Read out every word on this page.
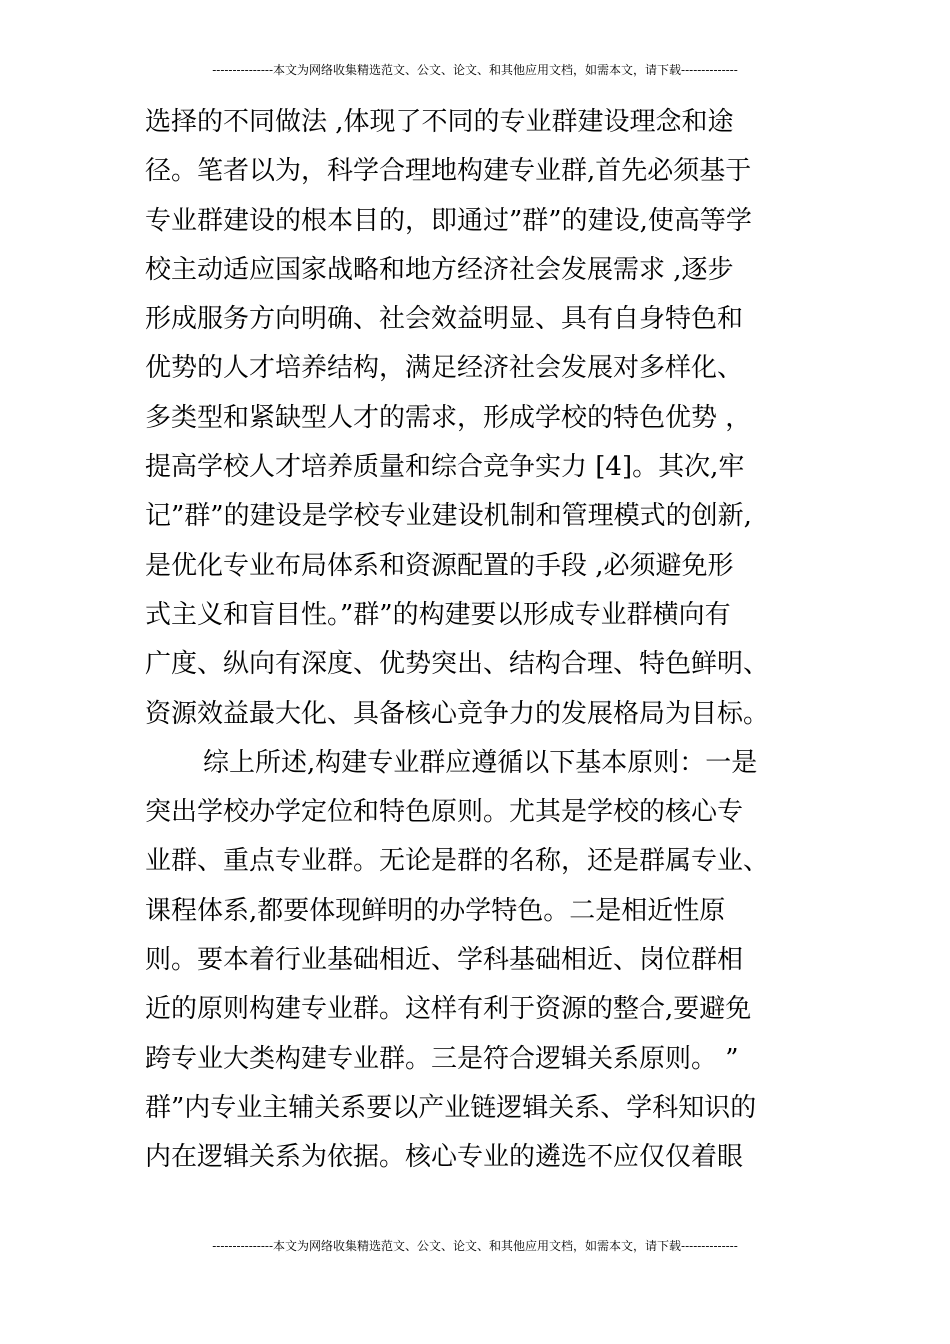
---------------本文为网络收集精选范文、公文、论文、和其他应用文档，如需本文，请下载--------------
选择的不同做法 ,体现了不同的专业群建设理念和途
径。笔者以为，科学合理地构建专业群,首先必须基于
专业群建设的根本目的，即通过”群”的建设,使高等学
校主动适应国家战略和地方经济社会发展需求 ,逐步
形成服务方向明确、社会效益明显、具有自身特色和
优势的人才培养结构，满足经济社会发展对多样化、
多类型和紧缺型人才的需求，形成学校的特色优势 ，
提高学校人才培养质量和综合竞争实力 [4]。其次,牢
记”群”的建设是学校专业建设机制和管理模式的创新,
是优化专业布局体系和资源配置的手段 ,必须避免形
式主义和盲目性。”群”的构建要以形成专业群横向有
广度、纵向有深度、优势突出、结构合理、特色鲜明、
资源效益最大化、具备核心竞争力的发展格局为目标。
综上所述,构建专业群应遵循以下基本原则：一是
突出学校办学定位和特色原则。尤其是学校的核心专
业群、重点专业群。无论是群的名称，还是群属专业、
课程体系,都要体现鲜明的办学特色。二是相近性原
则。要本着行业基础相近、学科基础相近、岗位群相
近的原则构建专业群。这样有利于资源的整合,要避免
跨专业大类构建专业群。三是符合逻辑关系原则。 ”
群”内专业主辅关系要以产业链逻辑关系、学科知识的
内在逻辑关系为依据。核心专业的遴选不应仅仅着眼
---------------本文为网络收集精选范文、公文、论文、和其他应用文档，如需本文，请下载--------------
